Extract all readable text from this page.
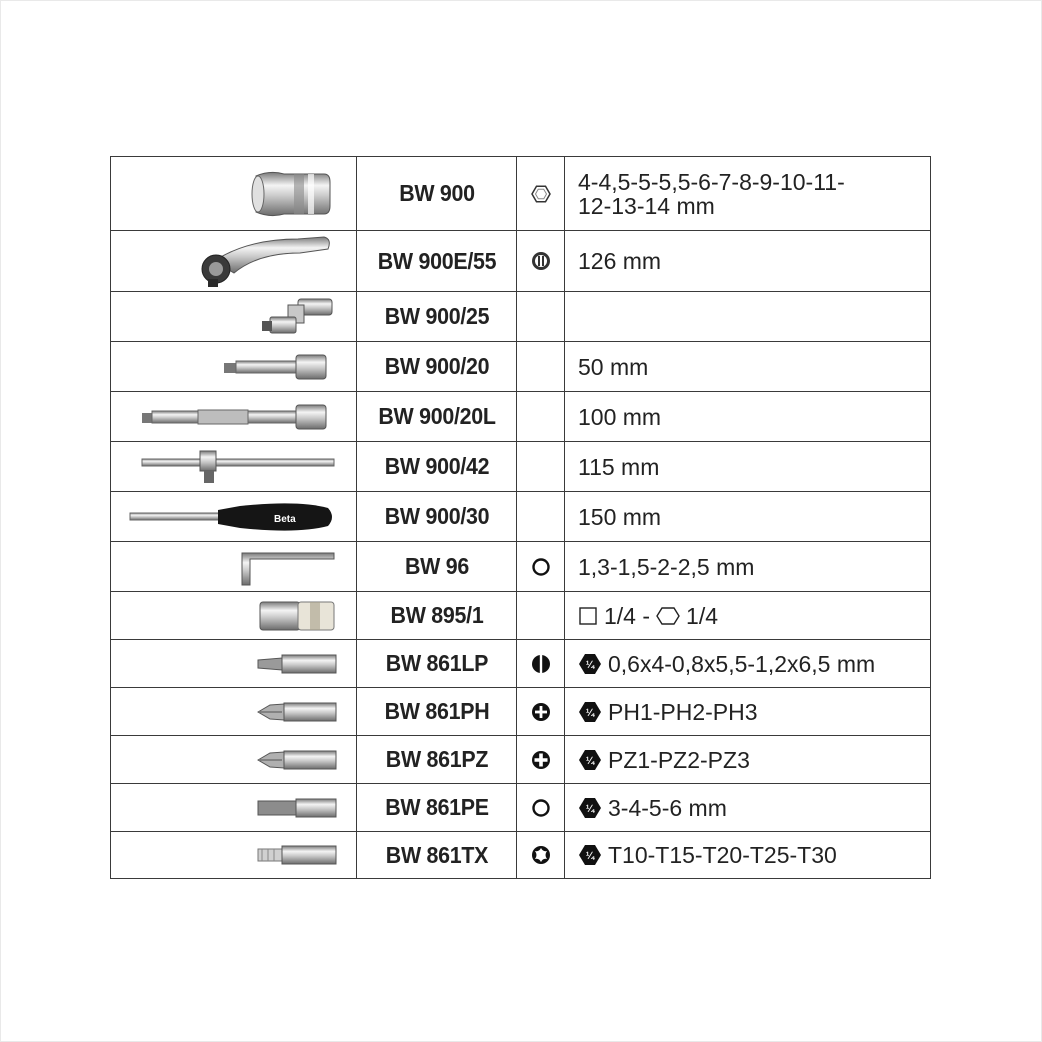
	BW 900		4-4,5-5-5,5-6-7-8-9-10-11-
12-13-14 mm

	BW 900E/55		126 mm

	BW 900/25		

	BW 900/20		50 mm

	BW 900/20L		100 mm

	BW 900/42		115 mm

Beta	BW 900/30		150 mm

	BW 96		1,3-1,5-2-2,5 mm

	BW 895/1		1/4 - 1/4

	BW 861LP		¼ 0,6x4-0,8x5,5-1,2x6,5 mm

	BW 861PH		¼ PH1-PH2-PH3

	BW 861PZ		¼ PZ1-PZ2-PZ3

	BW 861PE		¼ 3-4-5-6 mm

	BW 861TX		¼ T10-T15-T20-T25-T30
